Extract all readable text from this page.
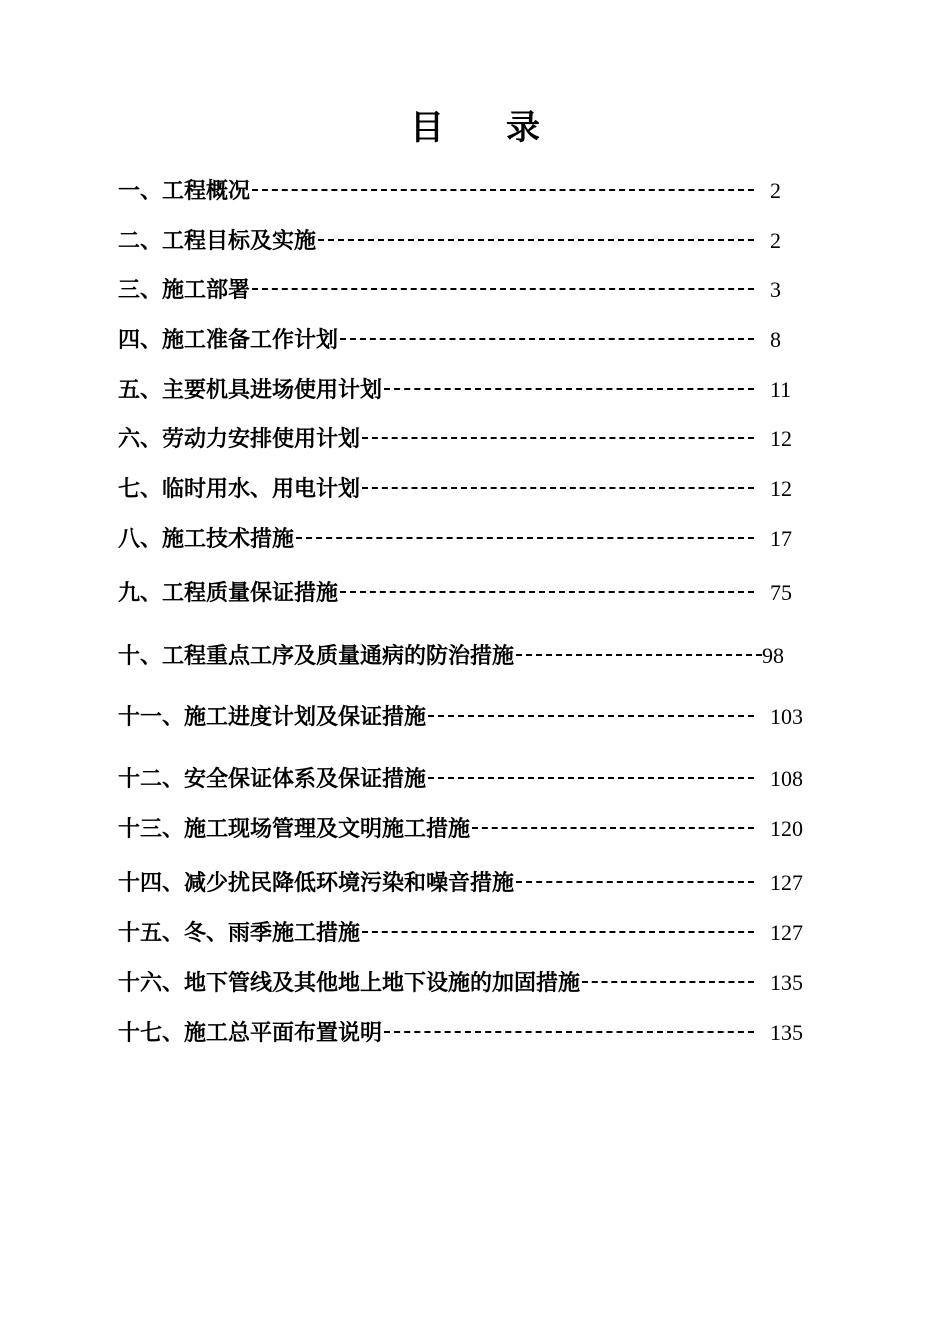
目 录
一、工程概况	2
二、工程目标及实施	2
三、施工部署	3
四、施工准备工作计划	8
五、主要机具进场使用计划	11
六、劳动力安排使用计划	12
七、临时用水、用电计划	12
八、施工技术措施	17
九、工程质量保证措施	75
十、工程重点工序及质量通病的防治措施	98
十一、施工进度计划及保证措施	103
十二、安全保证体系及保证措施	108
十三、施工现场管理及文明施工措施	120
十四、减少扰民降低环境污染和噪音措施	127
十五、冬、雨季施工措施	127
十六、地下管线及其他地上地下设施的加固措施	135
十七、施工总平面布置说明	135
